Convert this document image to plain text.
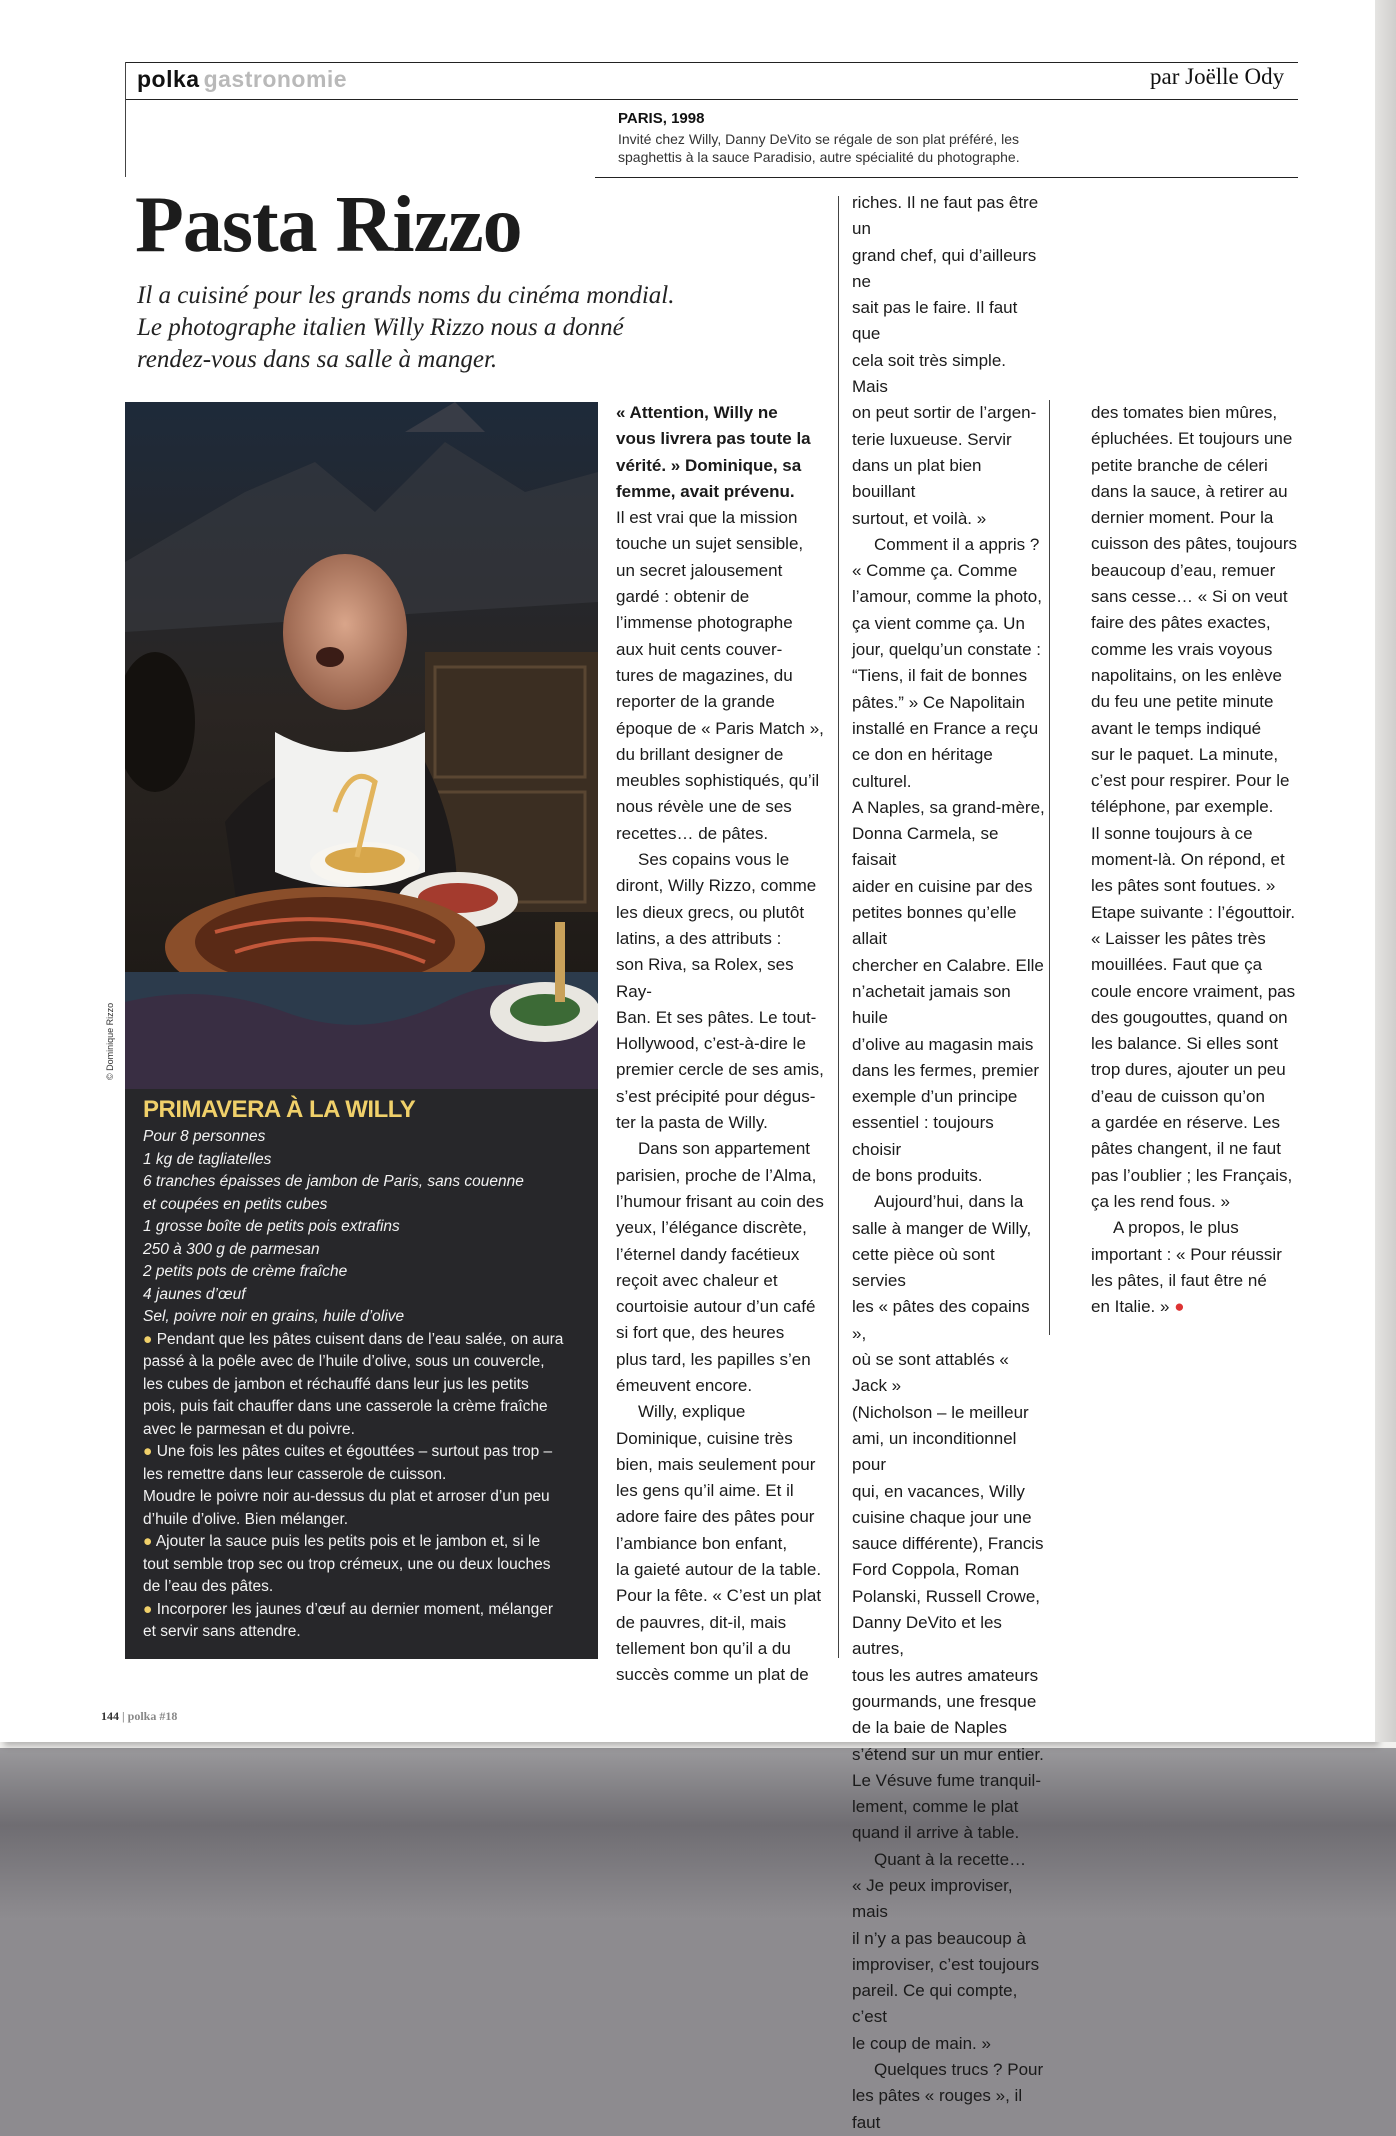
polka gastronomie	par Joëlle Ody
PARIS, 1998
Invité chez Willy, Danny DeVito se régale de son plat préféré, les
spaghettis à la sauce Paradisio, autre spécialité du photographe.
Pasta Rizzo
Il a cuisiné pour les grands noms du cinéma mondial.
Le photographe italien Willy Rizzo nous a donné
rendez-vous dans sa salle à manger.
© Dominique Rizzo
PRIMAVERA À LA WILLY
Pour 8 personnes
1 kg de tagliatelles
6 tranches épaisses de jambon de Paris, sans couenne
et coupées en petits cubes
1 grosse boîte de petits pois extrafins
250 à 300 g de parmesan
2 petits pots de crème fraîche
4 jaunes d’œuf
Sel, poivre noir en grains, huile d’olive
● Pendant que les pâtes cuisent dans de l’eau salée, on aura
passé à la poêle avec de l’huile d’olive, sous un couvercle,
les cubes de jambon et réchauffé dans leur jus les petits
pois, puis fait chauffer dans une casserole la crème fraîche
avec le parmesan et du poivre.
● Une fois les pâtes cuites et égouttées – surtout pas trop –
les remettre dans leur casserole de cuisson.
Moudre le poivre noir au-dessus du plat et arroser d’un peu
d’huile d’olive. Bien mélanger.
● Ajouter la sauce puis les petits pois et le jambon et, si le
tout semble trop sec ou trop crémeux, une ou deux louches
de l’eau des pâtes.
● Incorporer les jaunes d’œuf au dernier moment, mélanger
et servir sans attendre.

« Attention, Willy ne

vous livrera pas toute la

vérité. » Dominique, sa

femme, avait prévenu.

Il est vrai que la mission

touche un sujet sensible,

un secret jalousement

gardé : obtenir de

l’immense photographe

aux huit cents couver-

tures de magazines, du

reporter de la grande

époque de « Paris Match »,

du brillant designer de

meubles sophistiqués, qu’il

nous révèle une de ses

recettes… de pâtes.

Ses copains vous le

diront, Willy Rizzo, comme

les dieux grecs, ou plutôt

latins, a des attributs :

son Riva, sa Rolex, ses Ray-

Ban. Et ses pâtes. Le tout-

Hollywood, c’est-à-dire le

premier cercle de ses amis,

s’est précipité pour dégus-

ter la pasta de Willy.

Dans son appartement

parisien, proche de l’Alma,

l’humour frisant au coin des

yeux, l’élégance discrète,

l’éternel dandy facétieux

reçoit avec chaleur et

courtoisie autour d’un café

si fort que, des heures

plus tard, les papilles s’en

émeuvent encore.

Willy, explique

Dominique, cuisine très

bien, mais seulement pour

les gens qu’il aime. Et il

adore faire des pâtes pour

l’ambiance bon enfant,

la gaieté autour de la table.

Pour la fête. « C’est un plat

de pauvres, dit-il, mais

tellement bon qu’il a du

succès comme un plat de

riches. Il ne faut pas être un

grand chef, qui d’ailleurs ne

sait pas le faire. Il faut que

cela soit très simple. Mais

on peut sortir de l’argen-

terie luxueuse. Servir

dans un plat bien bouillant

surtout, et voilà. »

Comment il a appris ?

« Comme ça. Comme

l’amour, comme la photo,

ça vient comme ça. Un

jour, quelqu’un constate :

“Tiens, il fait de bonnes

pâtes.” » Ce Napolitain

installé en France a reçu

ce don en héritage culturel.

A Naples, sa grand-mère,

Donna Carmela, se faisait

aider en cuisine par des

petites bonnes qu’elle allait

chercher en Calabre. Elle

n’achetait jamais son huile

d’olive au magasin mais

dans les fermes, premier

exemple d’un principe

essentiel : toujours choisir

de bons produits.

Aujourd’hui, dans la

salle à manger de Willy,

cette pièce où sont servies

les « pâtes des copains »,

où se sont attablés « Jack »

(Nicholson – le meilleur

ami, un inconditionnel pour

qui, en vacances, Willy

cuisine chaque jour une

sauce différente), Francis

Ford Coppola, Roman

Polanski, Russell Crowe,

Danny DeVito et les autres,

tous les autres amateurs

gourmands, une fresque

de la baie de Naples

s’étend sur un mur entier.

Le Vésuve fume tranquil-

lement, comme le plat

quand il arrive à table.

Quant à la recette…

« Je peux improviser, mais

il n’y a pas beaucoup à

improviser, c’est toujours

pareil. Ce qui compte, c’est

le coup de main. »

Quelques trucs ? Pour

les pâtes « rouges », il faut

des tomates bien mûres,

épluchées. Et toujours une

petite branche de céleri

dans la sauce, à retirer au

dernier moment. Pour la

cuisson des pâtes, toujours

beaucoup d’eau, remuer

sans cesse… « Si on veut

faire des pâtes exactes,

comme les vrais voyous

napolitains, on les enlève

du feu une petite minute

avant le temps indiqué

sur le paquet. La minute,

c’est pour respirer. Pour le

téléphone, par exemple.

Il sonne toujours à ce

moment-là. On répond, et

les pâtes sont foutues. »

Etape suivante : l’égouttoir.

« Laisser les pâtes très

mouillées. Faut que ça

coule encore vraiment, pas

des gougouttes, quand on

les balance. Si elles sont

trop dures, ajouter un peu

d’eau de cuisson qu’on

a gardée en réserve. Les

pâtes changent, il ne faut

pas l’oublier ; les Français,

ça les rend fous. »

A propos, le plus

important : « Pour réussir

les pâtes, il faut être né

en Italie. » ●

144 | polka #18
